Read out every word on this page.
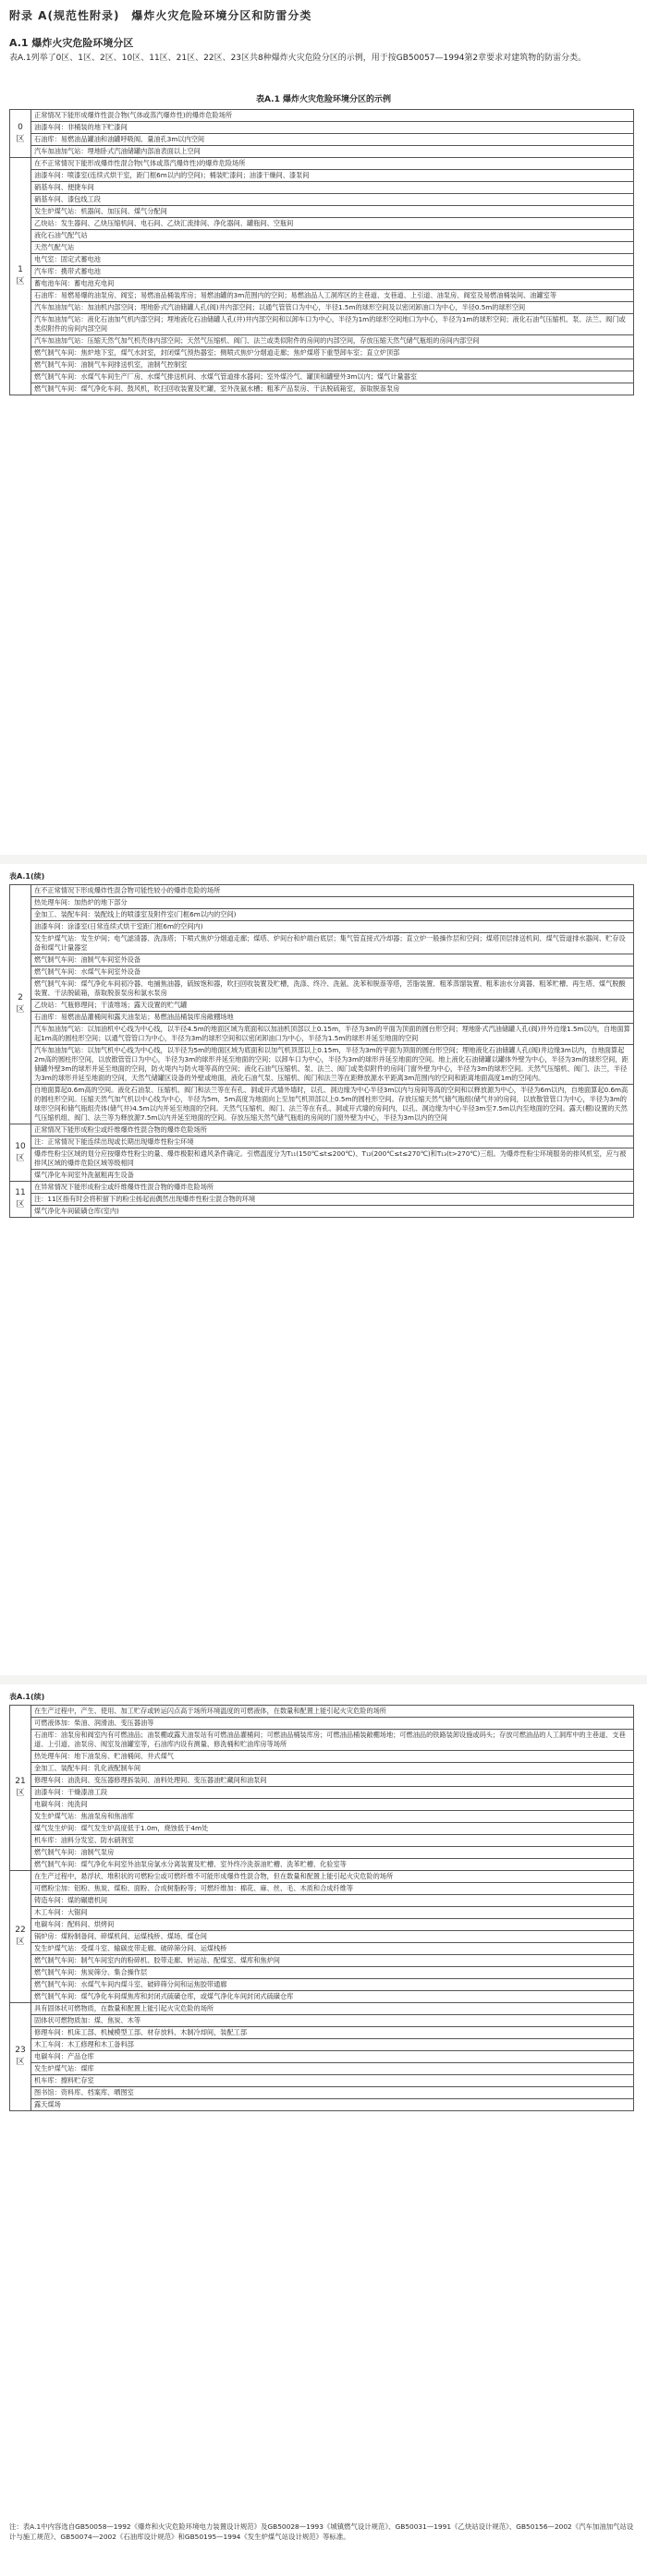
附录 A(规范性附录)　爆炸火灾危险环境分区和防雷分类
A.1 爆炸火灾危险环境分区
表A.1列举了0区、1区、2区、10区、11区、21区、22区、23区共8种爆炸火灾危险分区的示例，用于按GB50057—1994第2章要求对建筑物的防雷分类。
表A.1 爆炸火灾危险环境分区的示例
0
区	正常情况下能形成爆炸性混合物(气体或蒸汽爆炸性)的爆炸危险场所
	油漆车间：非桶装的地下贮漆间
	石油库：易燃油品罐油和油罐呼吸阀、量油孔3m以内空间
	汽车加油加气站：埋地卧式汽油储罐内部油表面以上空间
1
区	在不正常情况下能形成爆炸性混合物(气体或蒸汽爆炸性)的爆炸危险场所
	油漆车间：喷漆室(连续式烘干室，距门框6m以内的空间)；桶装贮漆间；油漆干燥间、漆泵间
	硝基车间、便捷车间
	硝基车间、漆包线工段
	发生炉煤气站：机器间、加压间、煤气分配间
	乙炔站：发生器间、乙炔压缩机间、电石间、乙炔汇流排间、净化器间、罐瓶间、空瓶间
	液化石油气配气站
	天然气配气站
	电气室：固定式蓄电池
	汽车库：携带式蓄电池
	蓄电池车间：蓄电池充电间
	石油库：易燃易爆的油泵房、阀室；易燃油品桶装库房；易燃油罐的3m范围内的空间；易燃油品人工洞库区的主巷道、支巷道、上引道、油泵房、阀室及易燃油桶装间、油罐室等
	汽车加油加气站：加油机内部空间；埋地卧式汽油储罐人孔(阀)井内部空间；以通气管管口为中心，半径1.5m的球形空间及以密闭卸油口为中心，半径0.5m的球形空间
	汽车加油加气站：液化石油加气机内部空间；埋地液化石油储罐人孔(井)井内部空间和以卸车口为中心，半径为1m的球形空间地口为中心，半径为1m的球形空间；液化石油气压缩机、泵、法兰、阀门或类似附件的房间内部空间
	汽车加油加气站：压缩天然气加气机壳体内部空间；天然气压缩机、阀门、法兰或类似附件的房间的内部空间，存放压缩天然气储气瓶组的房间内部空间
	燃气制气车间：焦炉地下室，煤气水封室，封闭煤气预热器室；侧喷式焦炉分烟道走廊；焦炉煤塔下重型卸车室；直立炉顶部
	燃气制气车间：油制气车间排送机室，油制气控制室
	燃气制气车间：水煤气车间生产厂房、水煤气排送机间、水煤气管道排水器间；室外煤冷气、罐顶和罐壁外3m以内；煤气计量器室
	燃气制气车间：煤气净化车间、鼓风机，吹扫回收装置及贮罐，室外洗氨水槽；粗苯产品泵房、干法脱硫箱室，萘取脱萘泵房
表A.1(续)
2
区	在不正常情况下形成爆炸性混合物可能性较小的爆炸危险的场所
	热处理车间：加热炉的地下部分
	金加工、装配车间：装配线上的喷漆室及附件室(门框6m以内的空间)
	油漆车间：涂漆室(日常连续式烘干室距门框6m的空间内)
	发生炉煤气站：发生炉间；电气滤清器、洗涤塔；下喷式焦炉分烟道走廊；煤塔、炉间台和炉端台底层；集气管直接式冷却器；直立炉一般操作层和空间；煤塔顶层排送机间、煤气管道排水器间、贮存设备和煤气计量器室
	燃气制气车间：油制气车间室外设备
	燃气制气车间：水煤气车间室外设备
	燃气制气车间：煤气净化车间初冷器、电捕焦油器，硫铵饱和器，吹扫回收装置及贮槽，洗涤、终冷、洗氨、洗苯和脱萘等塔，苦脂装置、粗苯蒸馏装置、粗苯油水分离器、粗苯贮槽、再生塔、煤气脱酸装置、干法脱硫箱，萘取脱萘泵房和氯水泵房
	乙炔站：气瓶修理间；干渣堆场；露天设置的贮气罐
	石油库：易燃油品灌桶间和露天油泵站；易燃油品桶装库房敞棚场地
	汽车加油加气站：以加油机中心线为中心线，以半径4.5m的地面区域为底面和以加油机顶部以上0.15m，半径为3m的平面为顶面的圆台形空间；埋地卧式汽油储罐人孔(阀)井外边缘1.5m以内，自地面算起1m高的圆柱形空间；以通气管管口为中心，半径为3m的球形空间和以密闭卸油口为中心，半径为1.5m的球形并延至地面的空间
	汽车加油加气站：以加气机中心线为中心线，以半径为5m的地面区域为底面和以加气机顶部以上0.15m，半径为3m的平面为顶面的圆台形空间；埋地液化石油储罐人孔(阀)井边缘3m以内，自地面算起2m高的圆柱形空间，以放散管管口为中心，半径为3m的球形并延至地面的空间；以卸车口为中心，半径为3m的球形并延至地面的空间。地上液化石油储罐以罐体外壁为中心，半径为3m的球形空间，距储罐外壁3m的球形并延至地面的空间，防火堤内与防火堤等高的空间；液化石油气压缩机、泵、法兰、阀门或类似附件的房间门窗外壁为中心，半径为3m的球形空间。天然气压缩机、阀门、法兰，半径为3m的球形并延至地面的空间，天然气储罐区设备的外壁或地面，液化石油气泵、压缩机、阀门和法兰等在距释放源水平距离3m范围内的空间和距离地面高度1m的空间内。
	自地面算起0.6m高的空间。液化石油泵、压缩机、阀门和法兰等在有孔、洞或开式墙外墙时，以孔、洞边缘为中心半径3m以内与房间等高的空间和以释放源为中心，半径为6m以内，自地面算起0.6m高的圆柱形空间。压缩天然气加气机以中心线为中心，半径为5m，5m高度为地面向上至加气机顶部以上0.5m的圆柱形空间。存放压缩天然气储气瓶组(储气井)的房间，以放散管管口为中心，半径为3m的球形空间和储气瓶组壳体(储气井)4.5m以内并延至地面的空间。天然气压缩机、阀门、法兰等在有孔、洞或开式墙的房间内，以孔、洞边缘为中心半径3m至7.5m以内至地面的空间。露天(棚)设置的天然气压缩机组、阀门、法兰等为释放源7.5m以内并延至地面的空间。存放压缩天然气储气瓶组的房间的门窗外壁为中心，半径为3m以内的空间
10
区	正常情况下能形成粉尘或纤维爆炸性混合物的爆炸危险场所
	注：正常情况下能连续出现或长期出现爆炸性粉尘环境
	爆炸性粉尘区域的划分应按爆炸性粉尘的量、爆炸极限和通风条件确定。引燃温度分为T₁₁(150℃≤t≤200℃)、T₁₂(200℃≤t≤270℃)和T₁₃(t>270℃)三组。为爆炸性粉尘环境服务的排风机室，应与被排风区域的爆炸危险区域等级相同
	煤气净化车间室外洗氨粗再生设备
11
区	在异常情况下能形成粉尘或纤维爆炸性混合物的爆炸危险场所
	注：11区指有时会将积留下的粉尘扬起而偶然出现爆炸性粉尘混合物的环境
	煤气净化车间硫磺仓库(室内)
表A.1(续)
21
区	在生产过程中，产生、使用、加工贮存或转运闪点高于场所环境温度的可燃液体，在数量和配置上能引起火灾危险的场所
	可燃液体加：柴油、润滑油、变压器油等
	石油库：油泵房和阀室内有可燃油品；油泵棚或露天油泵站有可燃油品灌桶间；可燃油品桶装库房；可燃油品桶装敞棚场地；可燃油品的铁路装卸设施或码头；存放可燃油品的人工洞库中的主巷道、支巷道、上引道、油泵房、阀室及油罐室等，石油库内设有测量、修洗桶和贮油库房等场所
	热处理车间：地下油泵房、贮油桶间、井式煤气
	金加工、装配车间：乳化液配制车间
	修理车间：油洗间、变压器修理拆装间、油料处理间、变压器油贮藏间和油泵间
	油漆车间：干燥漆油工段
	电碳车间：纯洗间
	发生炉煤气站：焦油泵房和焦油库
	煤气发生炉间：煤气发生炉高度低于1.0m，烧蚀低于4m处
	机车库：油料分发室、防水硝剂室
	燃气制气车间：油制气泵房
	燃气制气车间：煤气净化车间室外油泵房氯水分离装置及贮槽、室外终冷洗萘油贮槽、洗苯贮槽、化验室等
22
区	在生产过程中，悬浮状、堆积状的可燃粉尘或可燃纤维不可能形成爆炸性混合物，但在数量和配置上能引起火灾危险的场所
	可燃粉尘加：铝粉、焦炭、煤粉、面粉、合成树脂粉等；可燃纤维加：棉花、麻、丝、毛、木质和合成纤维等
	铸造车间：煤的碾磨机间
	木工车间：大锯间
	电碳车间：配料间、烘烤间
	锅炉房：煤粉制备间、碎煤机间、运煤栈桥、煤场、煤仓间
	发生炉煤气站：受煤斗室、输碳皮带走廊、破碎筛分间、运煤栈桥
	燃气制气车间：制气车间室内的粉碎机、胶带走廊、转运站、配煤室、煤库和焦炉间
	燃气制气车间：焦炭筛分、集合操作层
	燃气制气车间：水煤气车间内煤斗室、破碎筛分间和运焦胶带通廊
	燃气制气车间：煤气净化车间煤焦库和封闭式硫磺仓库，或煤气净化车间封闭式硫磺仓库
23
区	具有固体状可燃物质，在数量和配置上能引起火灾危险的场所
	固体状可燃物质加：煤、焦炭、木等
	修理车间：机床工部、机械模型工部、材存放料、木制冷却间，装配工部
	木工车间：木工修理和木工备料部
	电碳车间：产品仓库
	发生炉煤气站：煤库
	机车库：擦料贮存室
	图书馆：资料库、档案库、晒图室
	露天煤场
注：表A.1中内容选自GB50058—1992《爆炸和火灾危险环境电力装置设计规范》及GB50028—1993《城镇燃气设计规范》、GB50031—1991《乙炔站设计规范》、GB50156—2002《汽车加油加气站设计与施工规范》、GB50074—2002《石油库设计规范》和GB50195—1994《发生炉煤气站设计规范》等标准。
